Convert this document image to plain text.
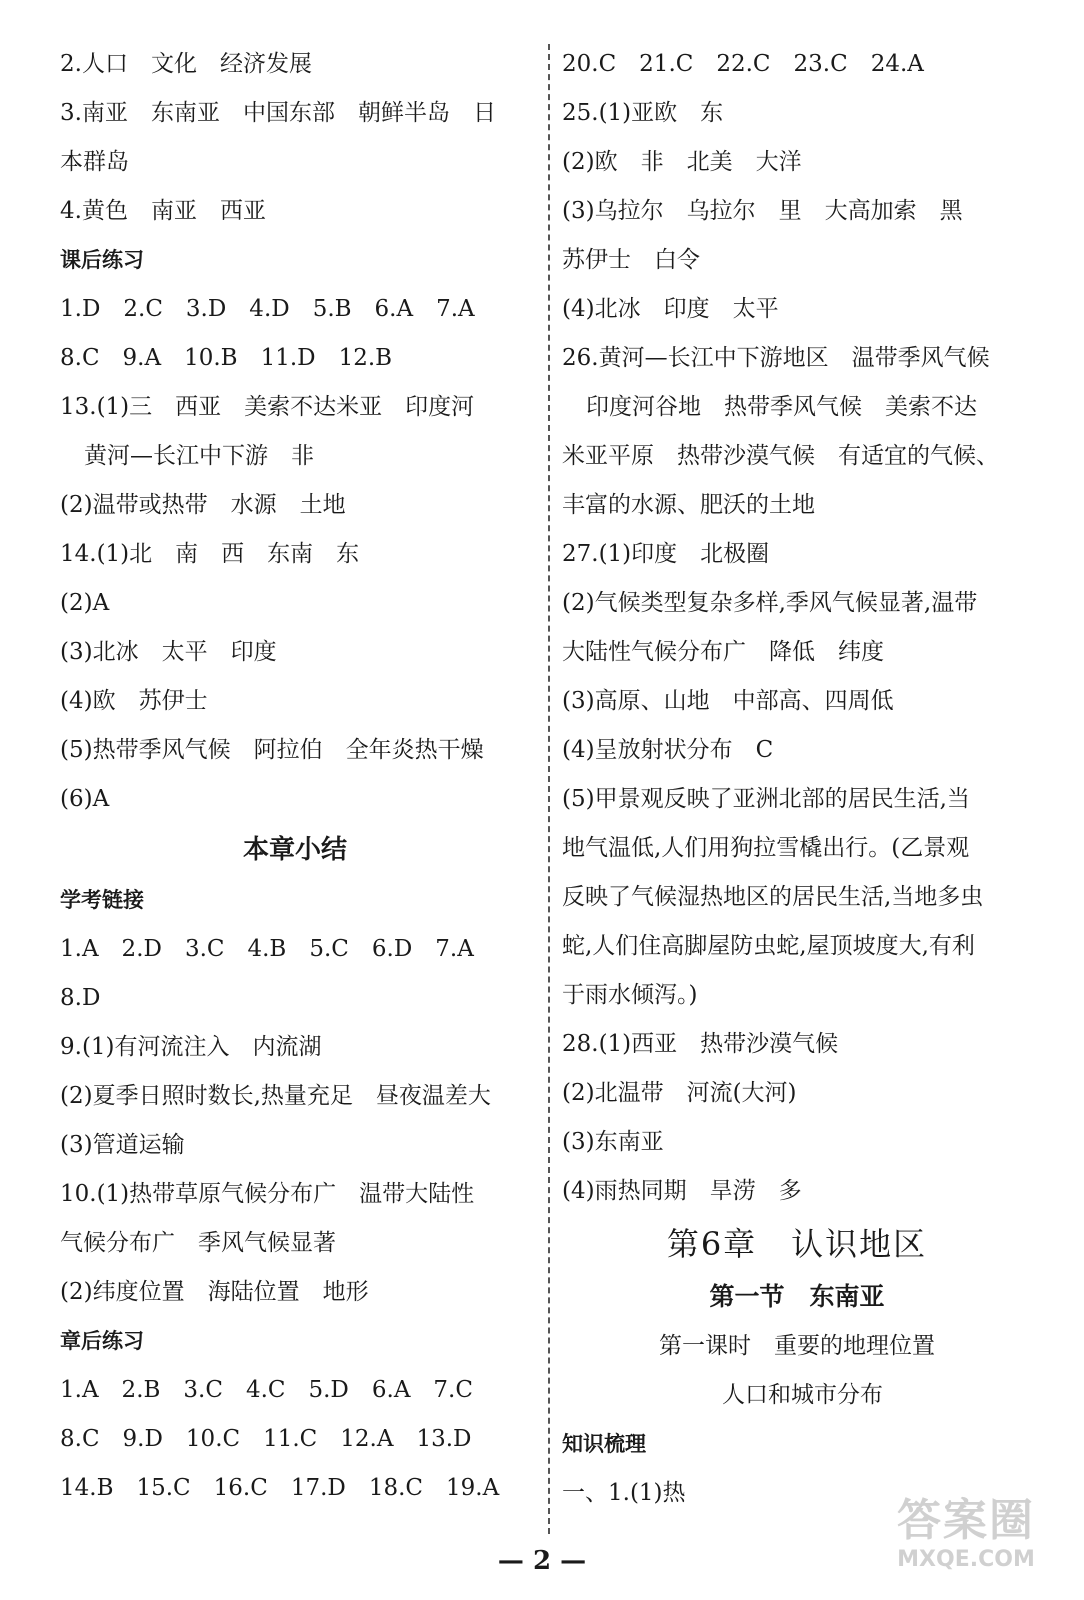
2.人口　文化　经济发展
3.南亚　东南亚　中国东部　朝鲜半岛　日
本群岛
4.黄色　南亚　西亚
课后练习
1.D　2.C　3.D　4.D　5.B　6.A　7.A
8.C　9.A　10.B　11.D　12.B
13.(1)三　西亚　美索不达米亚　印度河
黄河—长江中下游　非
(2)温带或热带　水源　土地
14.(1)北　南　西　东南　东
(2)A
(3)北冰　太平　印度
(4)欧　苏伊士
(5)热带季风气候　阿拉伯　全年炎热干燥
(6)A
本章小结
学考链接
1.A　2.D　3.C　4.B　5.C　6.D　7.A
8.D
9.(1)有河流注入　内流湖
(2)夏季日照时数长,热量充足　昼夜温差大
(3)管道运输
10.(1)热带草原气候分布广　温带大陆性
气候分布广　季风气候显著
(2)纬度位置　海陆位置　地形
章后练习
1.A　2.B　3.C　4.C　5.D　6.A　7.C
8.C　9.D　10.C　11.C　12.A　13.D
14.B　15.C　16.C　17.D　18.C　19.A
20.C　21.C　22.C　23.C　24.A
25.(1)亚欧　东
(2)欧　非　北美　大洋
(3)乌拉尔　乌拉尔　里　大高加索　黑
苏伊士　白令
(4)北冰　印度　太平
26.黄河—长江中下游地区　温带季风气候
印度河谷地　热带季风气候　美索不达
米亚平原　热带沙漠气候　有适宜的气候、
丰富的水源、肥沃的土地
27.(1)印度　北极圈
(2)气候类型复杂多样,季风气候显著,温带
大陆性气候分布广　降低　纬度
(3)高原、山地　中部高、四周低
(4)呈放射状分布　C
(5)甲景观反映了亚洲北部的居民生活,当
地气温低,人们用狗拉雪橇出行。(乙景观
反映了气候湿热地区的居民生活,当地多虫
蛇,人们住高脚屋防虫蛇,屋顶坡度大,有利
于雨水倾泻。)
28.(1)西亚　热带沙漠气候
(2)北温带　河流(大河)
(3)东南亚
(4)雨热同期　旱涝　多
第6章　认识地区
第一节　东南亚
第一课时　重要的地理位置
人口和城市分布
知识梳理
一、1.(1)热
— 2 —
答案圈
MXQE.COM
